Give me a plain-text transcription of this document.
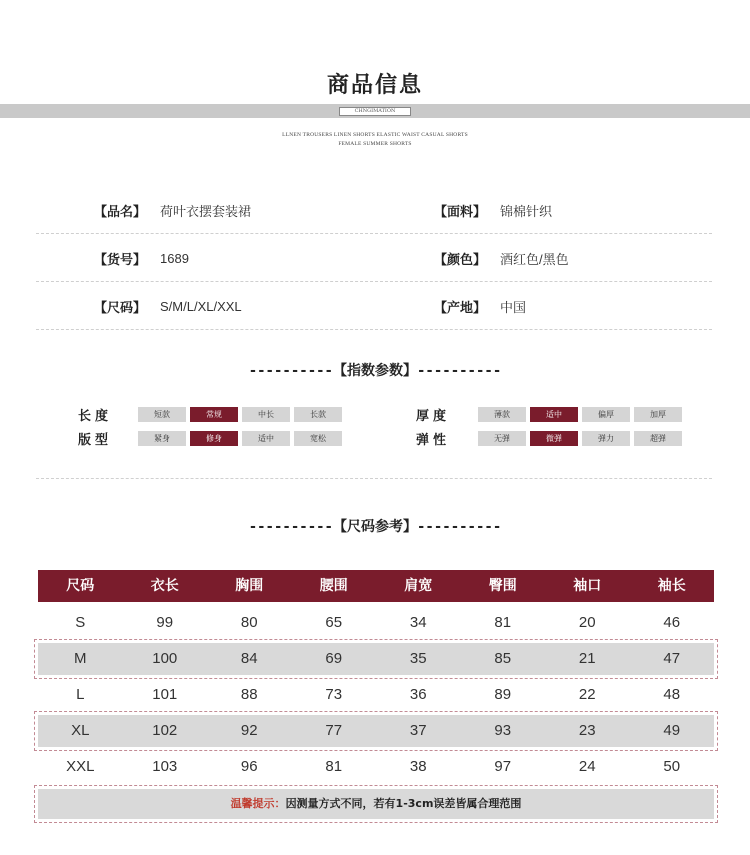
商品信息
CHNGIMATION
LLNEN TROUSERS LINEN SHORTS ELASTIC WAIST CASUAL SHORTS
FEMALE SUMMER SHORTS
【品名】 荷叶衣摆套装裙	【面料】 锦棉针织
【货号】 1689	【颜色】 酒红色/黑色
【尺码】 S/M/L/XL/XXL	【产地】 中国
----------【指数参数】----------
长度	短款	常规	中长	长款	厚度	薄款	适中	偏厚	加厚
版型	紧身	修身	适中	宽松	弹性	无弹	微弹	弹力	超弹
----------【尺码参考】----------
尺码	衣长	胸围	腰围	肩宽	臀围	袖口	袖长
S	99	80	65	34	81	20	46
M	100	84	69	35	85	21	47
L	101	88	73	36	89	22	48
XL	102	92	77	37	93	23	49
XXL	103	96	81	38	97	24	50
温馨提示：因测量方式不同，若有1-3cm误差皆属合理范围
